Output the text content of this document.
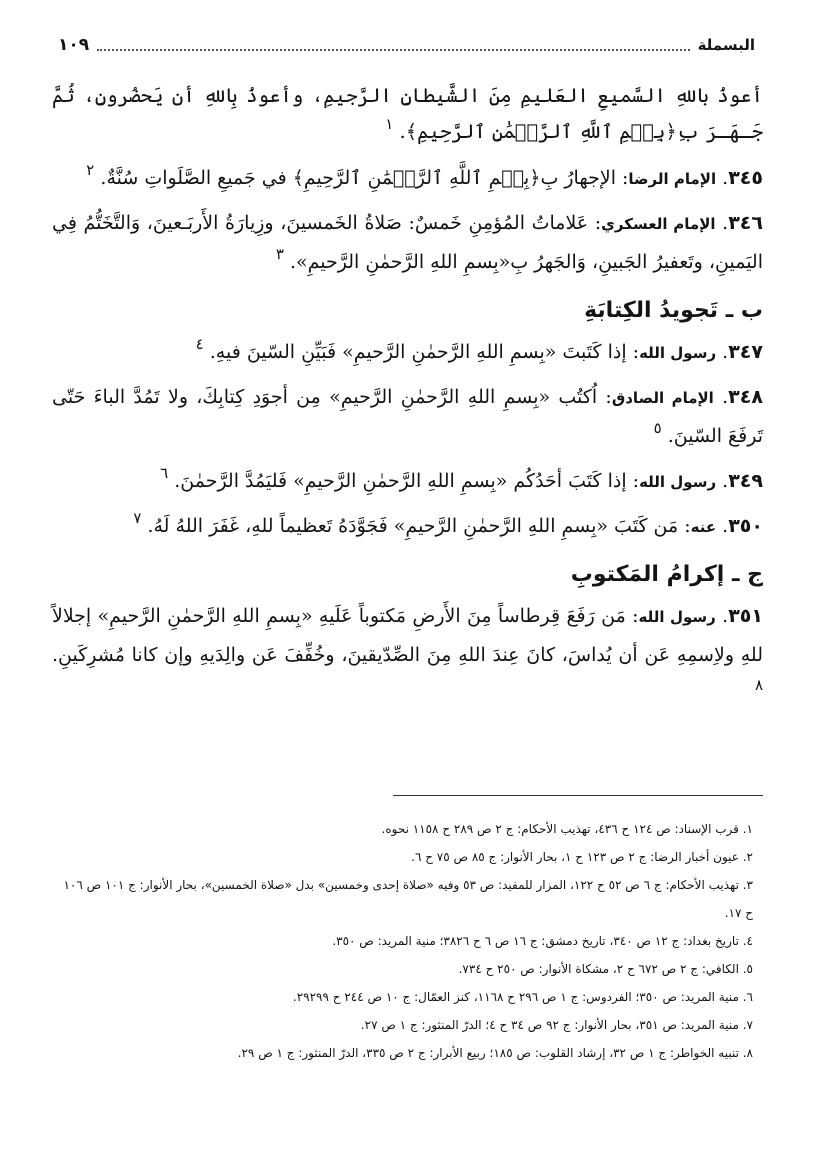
البسملة
١٠٩

أعوذُ باللهِ السَّميعِ العَليمِ مِنَ الشَّيطانِ الرَّجيمِ، وأعوذُ بِاللهِ أن يَحضُرونِ، ثُمَّ جَـهَـرَ بِ﴿بِسۡمِ ٱللَّهِ ٱلرَّحۡمَٰنِ ٱلرَّحِيمِ﴾. $^١$

٣٤٥. الإمام الرضا: الإجهارُ بِ﴿بِسۡمِ ٱللَّهِ ٱلرَّحۡمَٰنِ ٱلرَّحِيمِ﴾ في جَميعِ الصَّلَواتِ سُنَّةٌ. $^٢$

٣٤٦. الإمام العسكري: عَلاماتُ المُؤمِنِ خَمسٌ: صَلاةُ الخَمسينَ، وزِيارَةُ الأَربَـعينَ، وَالتَّخَتُّمُ فِي اليَمينِ، وتَعفيرُ الجَبينِ، وَالجَهرُ بِ«بِسمِ اللهِ الرَّحمٰنِ الرَّحيمِ». $^٣$

ب ـ تَجويدُ الكِتابَةِ

٣٤٧. رسول الله: إذا كَتَبتَ «بِسمِ اللهِ الرَّحمٰنِ الرَّحيمِ» فَبَيِّنِ السّينَ فيهِ. $^٤$

٣٤٨. الإمام الصادق: اُكتُب «بِسمِ اللهِ الرَّحمٰنِ الرَّحيمِ» مِن أجوَدِ كِتابِكَ، ولا تَمُدَّ الباءَ حَتّى تَرفَعَ السّينَ. $^٥$

٣٤٩. رسول الله: إذا كَتَبَ أحَدُكُم «بِسمِ اللهِ الرَّحمٰنِ الرَّحيمِ» فَليَمُدَّ الرَّحمٰنَ. $^٦$

٣٥٠. عنه: مَن كَتَبَ «بِسمِ اللهِ الرَّحمٰنِ الرَّحيمِ» فَجَوَّدَهُ تَعظيماً للهِ، غَفَرَ اللهُ لَهُ. $^٧$

ج ـ إكرامُ المَكتوبِ

٣٥١. رسول الله: مَن رَفَعَ قِرطاساً مِنَ الأَرضِ مَكتوباً عَلَيهِ «بِسمِ اللهِ الرَّحمٰنِ الرَّحيمِ» إجلالاً للهِ ولاِسمِهِ عَن أن يُداسَ، كانَ عِندَ اللهِ مِنَ الصِّدّيقينَ، وخُفِّفَ عَن والِدَيهِ وإن كانا مُشرِكَينِ. $^٨$

١. قرب الإسناد: ص ١٢٤ ح ٤٣٦، تهذيب الأحكام: ج ٢ ص ٢٨٩ ح ١١٥٨ نحوه.

٢. عيون أخبار الرضا: ج ٢ ص ١٢٣ ح ١، بحار الأنوار: ج ٨٥ ص ٧٥ ح ٦.

٣. تهذيب الأحكام: ج ٦ ص ٥٢ ح ١٢٢، المزار للمفيد: ص ٥٣ وفيه «صلاة إحدى وخمسين» بدل «صلاة الخمسين»، بحار الأنوار: ج ١٠١ ص ١٠٦ ح ١٧.

٤. تاريخ بغداد: ج ١٢ ص ٣٤٠، تاريخ دمشق: ج ١٦ ص ٦ ح ٣٨٢٦؛ منية المريد: ص ٣٥٠.

٥. الكافي: ج ٢ ص ٦٧٢ ح ٢، مشكاة الأنوار: ص ٢٥٠ ح ٧٣٤.

٦. منية المريد: ص ٣٥٠؛ الفردوس: ج ١ ص ٢٩٦ ح ١١٦٨، كنز العمّال: ج ١٠ ص ٢٤٤ ح ٢٩٢٩٩.

٧. منية المريد: ص ٣٥١، بحار الأنوار: ج ٩٢ ص ٣٤ ح ٤؛ الدرّ المنثور: ج ١ ص ٢٧.

٨. تنبيه الخواطر: ج ١ ص ٣٢، إرشاد القلوب: ص ١٨٥؛ ربيع الأبرار: ج ٢ ص ٣٣٥، الدرّ المنثور: ج ١ ص ٢٩.
